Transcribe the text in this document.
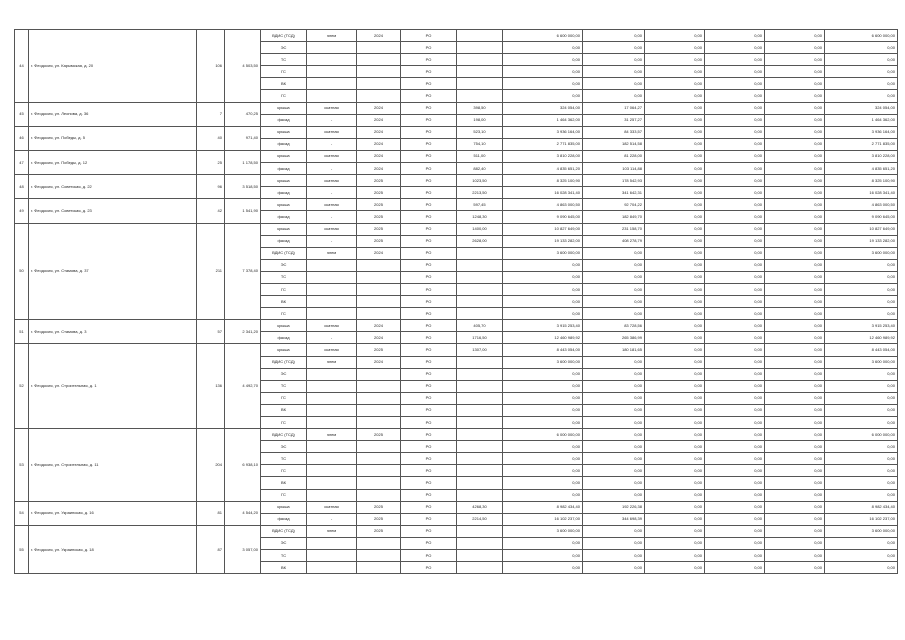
44	г. Феодосия, ул. Карымская, д. 20	106	4 503,50	ВДИС (ТСД)	элем	2024	РО		6 600 000,00	0,00	0,00	0,00	0,00	6 600 000,00
				ЭС			РО		0,00	0,00	0,00	0,00	0,00	0,00
				ТС			РО		0,00	0,00	0,00	0,00	0,00	0,00
				ГС			РО		0,00	0,00	0,00	0,00	0,00	0,00
				ВК			РО		0,00	0,00	0,00	0,00	0,00	0,00
				ГС			РО		0,00	0,00	0,00	0,00	0,00	0,00
45	г. Феодосия, ул. Леонова, д. 36	7	470,25	крыша	скатная	2024	РО	398,50	324 054,00	17 064,27	0,00	0,00	0,00	324 054,00
				фасад	-	2024	РО	198,00	1 464 362,00	31 257,27	0,00	0,00	0,00	1 464 362,00
46	г. Феодосия, ул. Победы, д. 5	40	971,40	крыша	скатная	2024	РО	523,10	3 936 164,00	84 333,57	0,00	0,00	0,00	3 936 164,00
				фасад	-	2024	РО	754,10	2 771 835,00	182 514,58	0,00	0,00	0,00	2 771 835,00
47	г. Феодосия, ул. Победы, д. 12	25	1 178,50	крыша	скатная	2024	РО	511,00	3 810 228,00	81 228,00	0,00	0,00	0,00	3 810 228,00
				фасад	-	2024	РО	882,40	4 835 651,20	103 114,88	0,00	0,00	0,00	4 835 651,20
48	г. Феодосия, ул. Советская, д. 22	96	3 518,50	крыша	скатная	2025	РО	1023,50	8 325 100,90	178 542,93	0,00	0,00	0,00	8 325 100,90
				фасад	-	2025	РО	2213,50	16 028 341,40	341 642,31	0,00	0,00	0,00	16 028 341,40
49	г. Феодосия, ул. Советская, д. 23	42	1 541,90	крыша	скатная	2025	РО	597,45	4 863 000,50	92 704,22	0,00	0,00	0,00	4 863 000,50
				фасад	-	2025	РО	1248,30	9 090 645,00	182 849,70	0,00	0,00	0,00	9 090 645,00
50	г. Феодосия, ул. Стамова, д. 37	211	7 378,40	крыша	скатная	2025	РО	1400,00	10 827 649,00	231 158,70	0,00	0,00	0,00	10 827 649,00
				фасад	-	2025	РО	2628,00	19 133 282,00	408 278,79	0,00	0,00	0,00	19 133 282,00
				ВДИС (ТСД)	элем	2024	РО		3 600 000,00	0,00	0,00	0,00	0,00	3 600 000,00
				ЭС			РО		0,00	0,00	0,00	0,00	0,00	0,00
				ТС			РО		0,00	0,00	0,00	0,00	0,00	0,00
				ГС			РО		0,00	0,00	0,00	0,00	0,00	0,00
				ВК			РО		0,00	0,00	0,00	0,00	0,00	0,00
				ГС			РО		0,00	0,00	0,00	0,00	0,00	0,00
51	г. Феодосия, ул. Стамова, д. 3	57	2 341,20	крыша	скатная	2024	РО	405,70	3 915 253,40	83 728,56	0,00	0,00	0,00	3 915 253,40
				фасад	-	2024	РО	1716,50	12 460 989,92	265 386,99	0,00	0,00	0,00	12 460 989,92
52	г. Феодосия, ул. Строительная, д. 1	136	4 492,70	крыша	скатная	2025	РО	1307,00	8 443 054,00	180 181,65	0,00	0,00	0,00	8 443 054,00
				ВДИС (ТСД)	элем	2024	РО		3 600 000,00	0,00	0,00	0,00	0,00	3 600 000,00
				ЭС			РО		0,00	0,00	0,00	0,00	0,00	0,00
				ТС			РО		0,00	0,00	0,00	0,00	0,00	0,00
				ГС			РО		0,00	0,00	0,00	0,00	0,00	0,00
				ВК			РО		0,00	0,00	0,00	0,00	0,00	0,00
				ГС			РО		0,00	0,00	0,00	0,00	0,00	0,00
53	г. Феодосия, ул. Строительная, д. 11	204	6 938,10	ВДИС (ТСД)	элем	2025	РО		6 000 000,00	0,00	0,00	0,00	0,00	6 000 000,00
				ЭС			РО		0,00	0,00	0,00	0,00	0,00	0,00
				ТС			РО		0,00	0,00	0,00	0,00	0,00	0,00
				ГС			РО		0,00	0,00	0,00	0,00	0,00	0,00
				ВК			РО		0,00	0,00	0,00	0,00	0,00	0,00
				ГС			РО		0,00	0,00	0,00	0,00	0,00	0,00
54	г. Феодосия, ул. Украинская, д. 16	81	4 544,20	крыша	скатная	2025	РО	4268,30	8 982 434,40	192 226,38	0,00	0,00	0,00	8 982 434,40
				фасад	-	2025	РО	2214,50	16 102 237,00	344 698,39	0,00	0,00	0,00	16 102 237,00
55	г. Феодосия, ул. Украинская, д. 18	87	3 057,00	ВДИС (ТСД)	элем	2025	РО		3 600 000,00	0,00	0,00	0,00	0,00	3 600 000,00
				ЭС			РО		0,00	0,00	0,00	0,00	0,00	0,00
				ТС			РО		0,00	0,00	0,00	0,00	0,00	0,00
				ВК			РО		0,00	0,00	0,00	0,00	0,00	0,00
